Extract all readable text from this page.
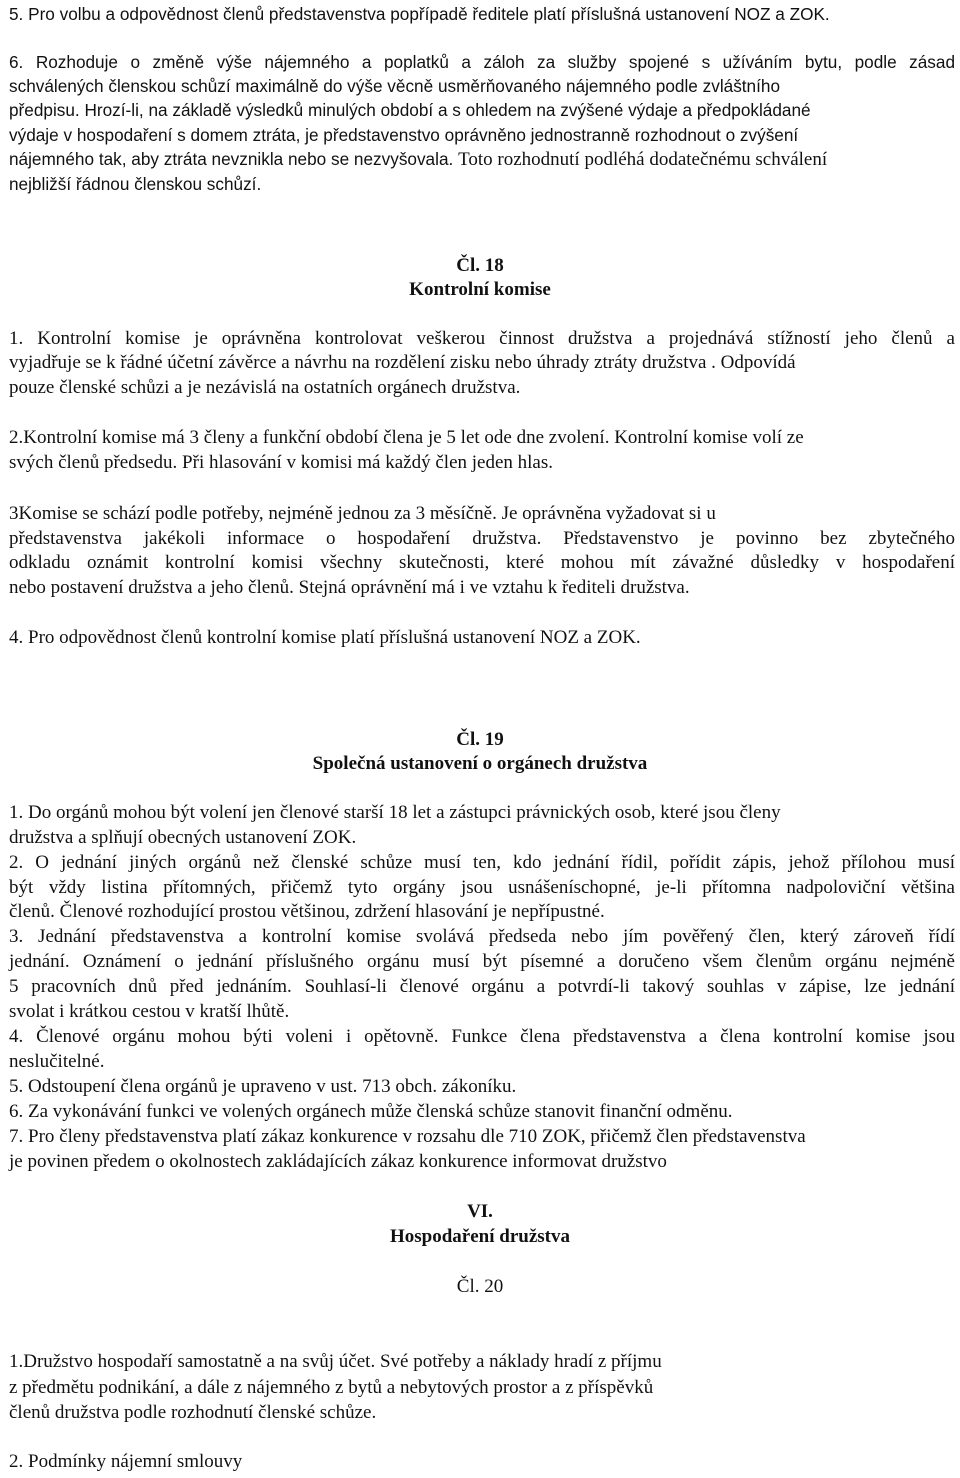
5. Pro volbu a odpovědnost členů představenstva popřípadě ředitele platí příslušná ustanovení NOZ a ZOK.
6. Rozhoduje o změně výše nájemného a poplatků a záloh za služby spojené s užíváním bytu, podle zásad
schválených členskou schůzí maximálně do výše věcně usměrňovaného nájemného podle zvláštního
předpisu. Hrozí-li, na základě výsledků minulých období a s ohledem na zvýšené výdaje a předpokládané
výdaje v hospodaření s domem ztráta, je představenstvo oprávněno jednostranně rozhodnout o zvýšení
nájemného tak, aby ztráta nevznikla nebo se nezvyšovala. Toto rozhodnutí podléhá dodatečnému schválení
nejbližší řádnou členskou schůzí.
Čl. 18
Kontrolní komise
1. Kontrolní komise je oprávněna kontrolovat veškerou činnost družstva a projednává stížností jeho členů a
vyjadřuje se k řádné účetní závěrce a návrhu na rozdělení zisku nebo úhrady ztráty družstva . Odpovídá
pouze členské schůzi a je nezávislá na ostatních orgánech družstva.
2.Kontrolní komise má 3 členy a funkční období člena je 5 let ode dne zvolení. Kontrolní komise volí ze
svých členů předsedu. Při hlasování v komisi má každý člen jeden hlas.
3Komise se schází podle potřeby, nejméně jednou za 3 měsíčně. Je oprávněna vyžadovat si u
představenstva jakékoli informace o hospodaření družstva. Představenstvo je povinno bez zbytečného
odkladu oznámit kontrolní komisi všechny skutečnosti, které mohou mít závažné důsledky v hospodaření
nebo postavení družstva a jeho členů. Stejná oprávnění má i ve vztahu k řediteli družstva.
4. Pro odpovědnost členů kontrolní komise platí příslušná ustanovení NOZ a ZOK.
Čl. 19
Společná ustanovení o orgánech družstva
1. Do orgánů mohou být volení jen členové starší 18 let a zástupci právnických osob, které jsou členy
družstva a splňují obecných ustanovení ZOK.
2. O jednání jiných orgánů než členské schůze musí ten, kdo jednání řídil, pořídit zápis, jehož přílohou musí
být vždy listina přítomných, přičemž tyto orgány jsou usnášeníschopné, je-li přítomna nadpoloviční většina
členů. Členové rozhodující prostou většinou, zdržení hlasování je nepřípustné.
3. Jednání představenstva a kontrolní komise svolává předseda nebo jím pověřený člen, který zároveň řídí
jednání. Oznámení o jednání příslušného orgánu musí být písemné a doručeno všem členům orgánu nejméně
5 pracovních dnů před jednáním. Souhlasí-li členové orgánu a potvrdí-li takový souhlas v zápise, lze jednání
svolat i krátkou cestou v kratší lhůtě.
4. Členové orgánu mohou býti voleni i opětovně. Funkce člena představenstva a člena kontrolní komise jsou
neslučitelné.
5. Odstoupení člena orgánů je upraveno v ust. 713 obch. zákoníku.
6. Za vykonávání funkci ve volených orgánech může členská schůze stanovit finanční odměnu.
7. Pro členy představenstva platí zákaz konkurence v rozsahu dle 710 ZOK, přičemž člen představenstva
je povinen předem o okolnostech zakládajících zákaz konkurence informovat družstvo
VI.
Hospodaření družstva
Čl. 20
1.Družstvo hospodaří samostatně a na svůj účet. Své potřeby a náklady hradí z příjmu
z předmětu podnikání, a dále z nájemného z bytů a nebytových prostor a z příspěvků
členů družstva podle rozhodnutí členské schůze.
2. Podmínky nájemní smlouvy
